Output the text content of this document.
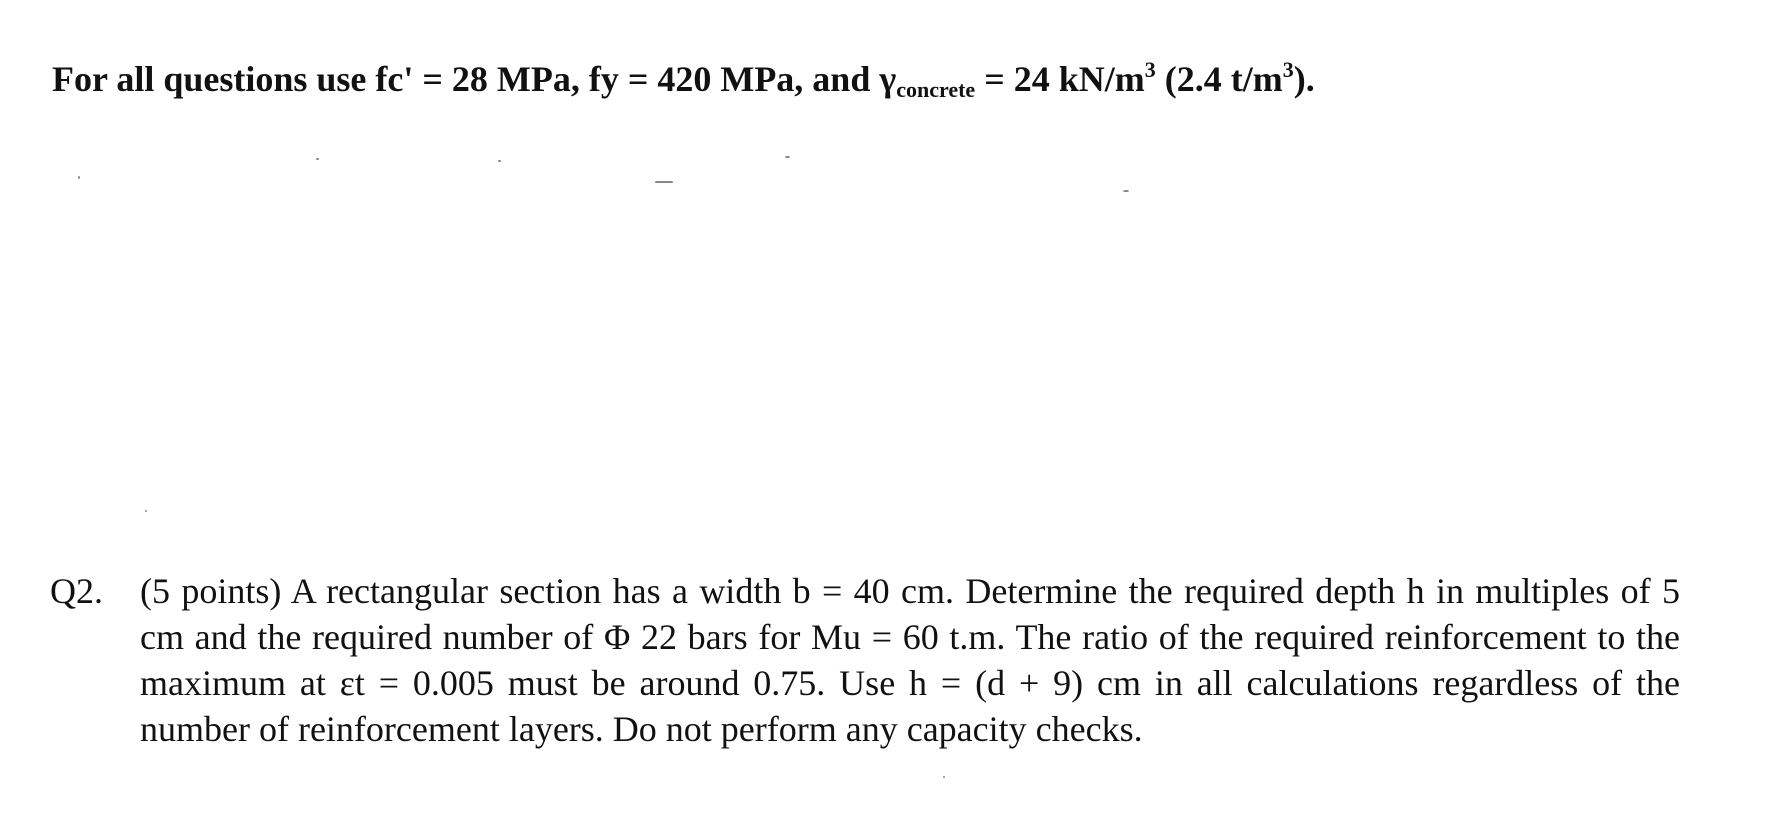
For all questions use fc' = 28 MPa, fy = 420 MPa, and γconcrete = 24 $kN/m^3$ (2.4 $t/m^3$).
Q2. (5 points) A rectangular section has a width b = 40 cm. Determine the required depth h in multiples of 5 cm and the required number of Φ 22 bars for Mu = 60 t.m. The ratio of the required reinforcement to the maximum at εt = 0.005 must be around 0.75. Use h = (d + 9) cm in all calculations regardless of the number of reinforcement layers. Do not perform any capacity checks.
